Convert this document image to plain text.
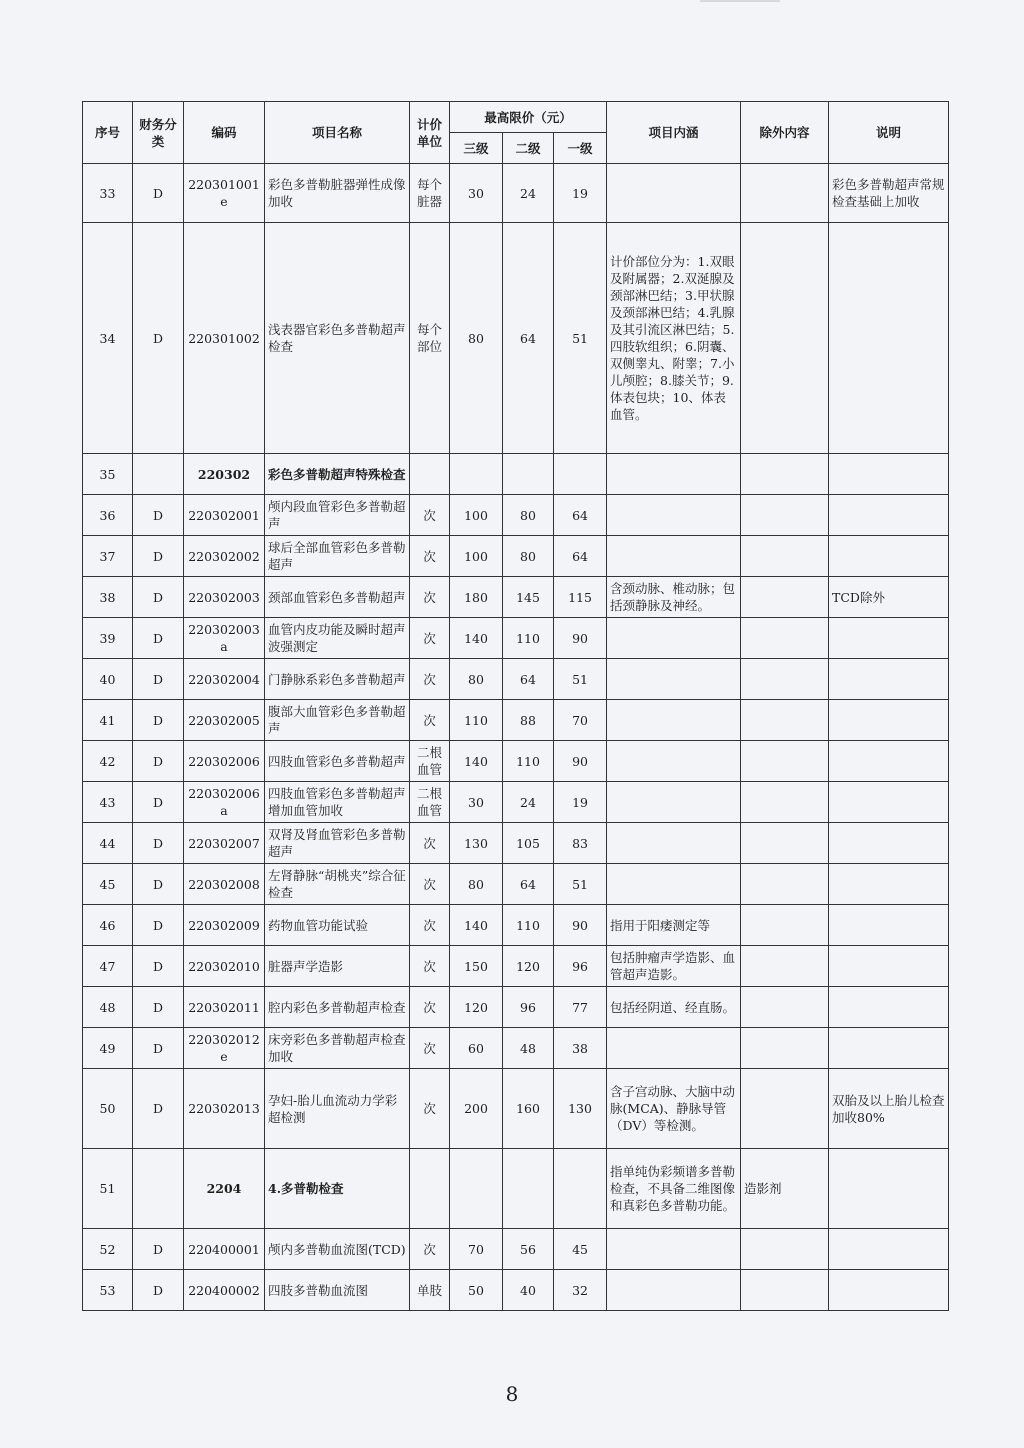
序号	财务分类	编码	项目名称	计价单位	最高限价（元）			项目内涵	除外内容	说明
					三级	二级	一级			
33	D	220301001e	彩色多普勒脏器弹性成像加收	每个脏器	30	24	19			彩色多普勒超声常规检查基础上加收
34	D	220301002	浅表器官彩色多普勒超声检查	每个部位	80	64	51	计价部位分为：1.双眼及附属器；2.双涎腺及颈部淋巴结；3.甲状腺及颈部淋巴结；4.乳腺及其引流区淋巴结；5.四肢软组织；6.阴囊、双侧睾丸、附睾；7.小儿颅腔；8.膝关节；9.体表包块；10、体表血管。		
35		220302	彩色多普勒超声特殊检查							
36	D	220302001	颅内段血管彩色多普勒超声	次	100	80	64			
37	D	220302002	球后全部血管彩色多普勒超声	次	100	80	64			
38	D	220302003	颈部血管彩色多普勒超声	次	180	145	115	含颈动脉、椎动脉；包括颈静脉及神经。		TCD除外
39	D	220302003a	血管内皮功能及瞬时超声波强测定	次	140	110	90			
40	D	220302004	门静脉系彩色多普勒超声	次	80	64	51			
41	D	220302005	腹部大血管彩色多普勒超声	次	110	88	70			
42	D	220302006	四肢血管彩色多普勒超声	二根血管	140	110	90			
43	D	220302006a	四肢血管彩色多普勒超声增加血管加收	二根血管	30	24	19			
44	D	220302007	双肾及肾血管彩色多普勒超声	次	130	105	83			
45	D	220302008	左肾静脉“胡桃夹”综合征检查	次	80	64	51			
46	D	220302009	药物血管功能试验	次	140	110	90	指用于阳痿测定等		
47	D	220302010	脏器声学造影	次	150	120	96	包括肿瘤声学造影、血管超声造影。		
48	D	220302011	腔内彩色多普勒超声检查	次	120	96	77	包括经阴道、经直肠。		
49	D	220302012e	床旁彩色多普勒超声检查加收	次	60	48	38			
50	D	220302013	孕妇-胎儿血流动力学彩超检测	次	200	160	130	含子宫动脉、大脑中动脉(MCA)、静脉导管（DV）等检测。		双胎及以上胎儿检查加收80%
51		2204	4.多普勒检查					指单纯伪彩频谱多普勒检查，不具备二维图像和真彩色多普勒功能。	造影剂	
52	D	220400001	颅内多普勒血流图(TCD)	次	70	56	45			
53	D	220400002	四肢多普勒血流图	单肢	50	40	32			
8
